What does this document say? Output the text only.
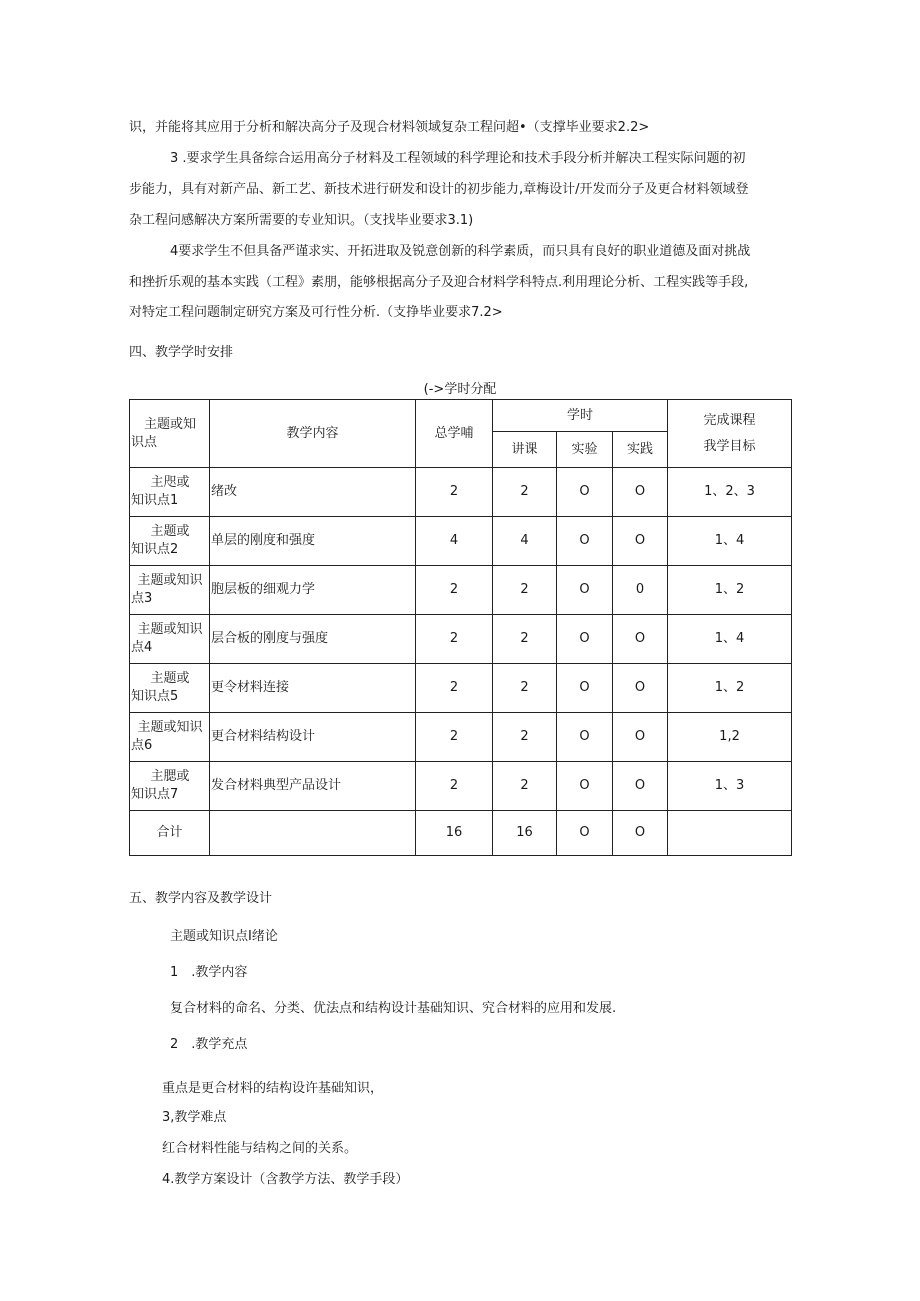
识，并能将其应用于分析和解决高分子及现合材料领域复杂工程问超•（支撑毕业要求2.2>
3 .要求学生具备综合运用高分子材料及工程领域的科学理论和技术手段分析并解决工程实际问题的初
步能力，具有对新产品、新工艺、新技术进行研发和设计的初步能力,章梅设计/开发而分子及更合材料领域登
杂工程问感解决方案所需要的专业知识。（支找毕业要求3.1)
4要求学生不但具备严谨求实、开拓进取及锐意创新的科学素质，而只具有良好的职业道德及面对挑战
和挫折乐观的基本实践（工程》素朋，能够根据高分子及迎合材料学科特点.利用理论分析、工程实践等手段,
对特定工程问题制定研究方案及可行性分析.（支挣毕业要求7.2>
四、教学学时安排
(->学时分配
主题或知
识点	教学内容	总学哺	学时			完成课程
我学目标

			讲课	实验	实践	

主咫或
知识点1	绪改	2	2	O	O	1、2、3

主题或
知识点2	单层的刚度和强度	4	4	O	O	1、4

主题或知识
点3	胞层板的细观力学	2	2	O	0	1、2

主题或知识
点4	层合板的刚度与强度	2	2	O	O	1、4

主题或
知识点5	更令材料连接	2	2	O	O	1、2

主题或知识
点6	更合材料结构设计	2	2	O	O	1,2

主腮或
知识点7	发合材料典型产品设计	2	2	O	O	1、3
合计		16	16	O	O	
五、教学内容及教学设计
主题或知识点I绪论
1　.教学内容
复合材料的命名、分类、优法点和结构设计基础知识、究合材料的应用和发展.
2　.教学充点
重点是更合材料的结构设许基础知识，
3,教学难点
红合材料性能与结构之间的关系。
4.教学方案设计（含教学方法、教学手段）
